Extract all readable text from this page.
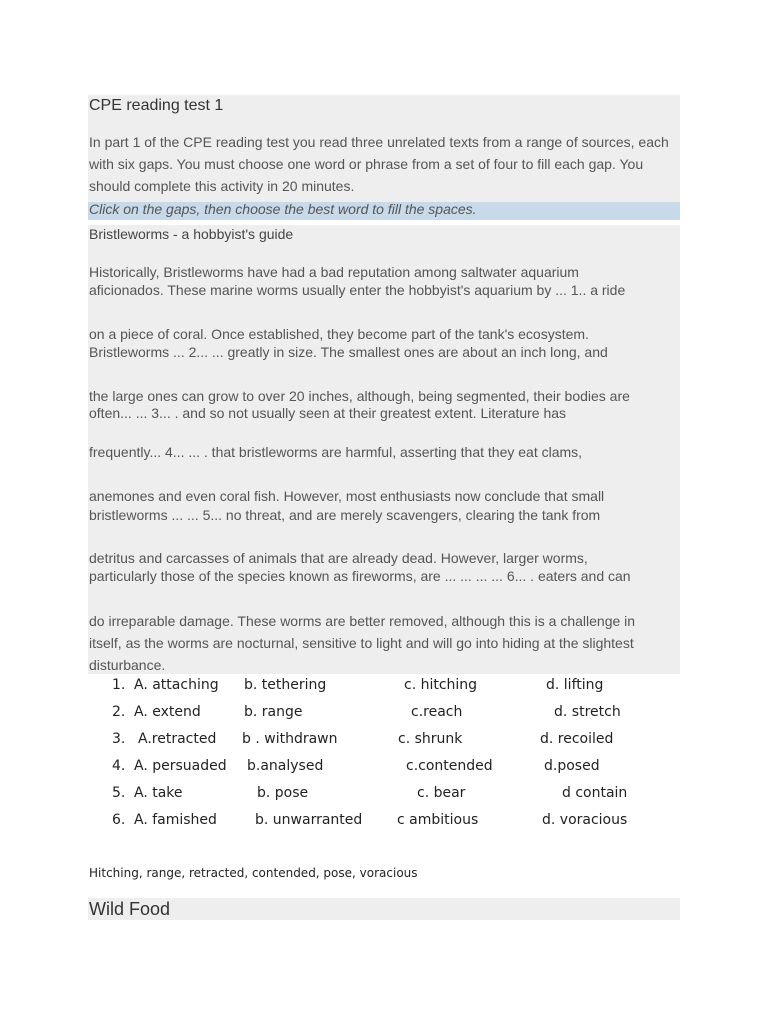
CPE reading test 1
In part 1 of the CPE reading test you read three unrelated texts from a range of sources, each with six gaps. You must choose one word or phrase from a set of four to fill each gap. You should complete this activity in 20 minutes.
Click on the gaps, then choose the best word to fill the spaces.
Bristleworms - a hobbyist's guide
Historically, Bristleworms have had a bad reputation among saltwater aquarium
aficionados. These marine worms usually enter the hobbyist's aquarium by ... 1.. a ride
on a piece of coral. Once established, they become part of the tank's ecosystem.
Bristleworms ... 2... ... greatly in size. The smallest ones are about an inch long, and
the large ones can grow to over 20 inches, although, being segmented, their bodies are
often... ... 3... . and so not usually seen at their greatest extent. Literature has
frequently... 4... ... . that bristleworms are harmful, asserting that they eat clams,
anemones and even coral fish. However, most enthusiasts now conclude that small
bristleworms ... ... 5... no threat, and are merely scavengers, clearing the tank from
detritus and carcasses of animals that are already dead. However, larger worms,
particularly those of the species known as fireworms, are ... ... ... ... 6... . eaters and can
do irreparable damage. These worms are better removed, although this is a challenge in
itself, as the worms are nocturnal, sensitive to light and will go into hiding at the slightest
disturbance.
1. A. attaching b. tethering	c. hitching	d. lifting
2. A. extend	b. range	c.reach	d. stretch
3. A.retracted b . withdrawn	c. shrunk	d. recoiled
4. A. persuaded b.analysed	c.contended	d.posed
5. A. take	b. pose	c. bear	d contain
6. A. famished	b. unwarranted c ambitious	d. voracious
Hitching, range, retracted, contended, pose, voracious
Wild Food
